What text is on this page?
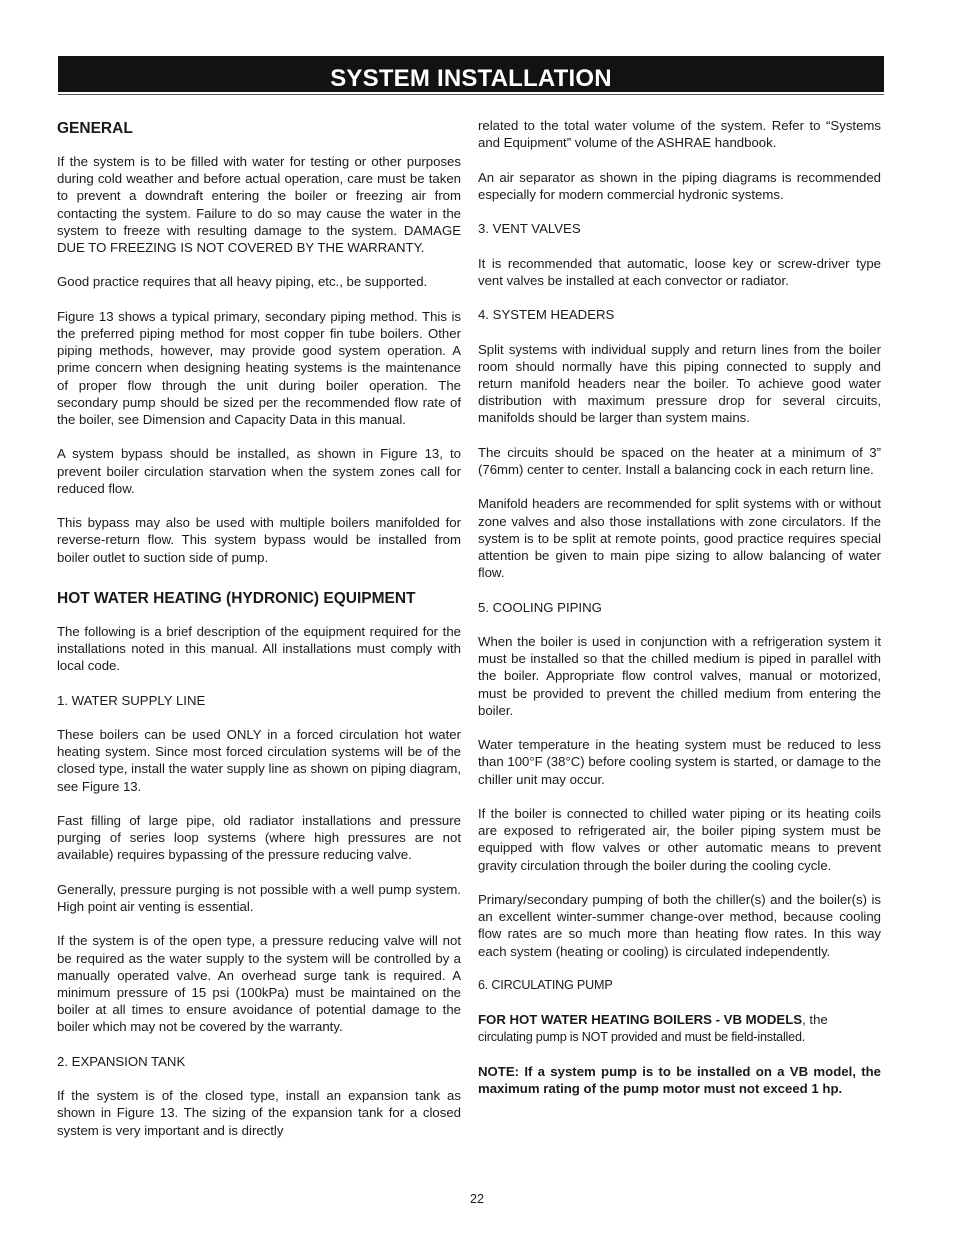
SYSTEM INSTALLATION
GENERAL

If the system is to be filled with water for testing or other purposes during cold weather and before actual operation, care must be taken to prevent a downdraft entering the boiler or freezing air from contacting the system. Failure to do so may cause the water in the system to freeze with resulting damage to the system. DAMAGE DUE TO FREEZING IS NOT COVERED BY THE WARRANTY.

Good practice requires that all heavy piping, etc., be supported.

Figure 13 shows a typical primary, secondary piping method. This is the preferred piping method for most copper fin tube boilers. Other piping methods, however, may provide good system operation. A prime concern when designing heating systems is the maintenance of proper flow through the unit during boiler operation. The secondary pump should be sized per the recommended flow rate of the boiler, see Dimension and Capacity Data in this manual.

A system bypass should be installed, as shown in Figure 13, to prevent boiler circulation starvation when the system zones call for reduced flow.

This bypass may also be used with multiple boilers manifolded for reverse-return flow. This system bypass would be installed from boiler outlet to suction side of pump.

HOT WATER HEATING (HYDRONIC) EQUIPMENT

The following is a brief description of the equipment required for the installations noted in this manual. All installations must comply with local code.

1. WATER SUPPLY LINE

These boilers can be used ONLY in a forced circulation hot water heating system. Since most forced circulation systems will be of the closed type, install the water supply line as shown on piping diagram, see Figure 13.

Fast filling of large pipe, old radiator installations and pressure purging of series loop systems (where high pressures are not available) requires bypassing of the pressure reducing valve.

Generally, pressure purging is not possible with a well pump system. High point air venting is essential.

If the system is of the open type, a pressure reducing valve will not be required as the water supply to the system will be controlled by a manually operated valve. An overhead surge tank is required. A minimum pressure of 15 psi (100kPa) must be maintained on the boiler at all times to ensure avoidance of potential damage to the boiler which may not be covered by the warranty.

2. EXPANSION TANK

If the system is of the closed type, install an expansion tank as shown in Figure 13. The sizing of the expansion tank for a closed system is very important and is directly

related to the total water volume of the system. Refer to “Systems and Equipment” volume of the ASHRAE handbook.

An air separator as shown in the piping diagrams is recommended especially for modern commercial hydronic systems.

3. VENT VALVES

It is recommended that automatic, loose key or screw-driver type vent valves be installed at each convector or radiator.

4. SYSTEM HEADERS

Split systems with individual supply and return lines from the boiler room should normally have this piping connected to supply and return manifold headers near the boiler. To achieve good water distribution with maximum pressure drop for several circuits, manifolds should be larger than system mains.

The circuits should be spaced on the heater at a minimum of 3” (76mm) center to center. Install a balancing cock in each return line.

Manifold headers are recommended for split systems with or without zone valves and also those installations with zone circulators. If the system is to be split at remote points, good practice requires special attention be given to main pipe sizing to allow balancing of water flow.

5. COOLING PIPING

When the boiler is used in conjunction with a refrigeration system it must be installed so that the chilled medium is piped in parallel with the boiler. Appropriate flow control valves, manual or motorized, must be provided to prevent the chilled medium from entering the boiler.

Water temperature in the heating system must be reduced to less than 100°F (38°C) before cooling system is started, or damage to the chiller unit may occur.

If the boiler is connected to chilled water piping or its heating coils are exposed to refrigerated air, the boiler piping system must be equipped with flow valves or other automatic means to prevent gravity circulation through the boiler during the cooling cycle.

Primary/secondary pumping of both the chiller(s) and the boiler(s) is an excellent winter-summer change-over method, because cooling flow rates are so much more than heating flow rates. In this way each system (heating or cooling) is circulated independently.

6. CIRCULATING PUMP

FOR HOT WATER HEATING BOILERS - VB MODELS, the

circulating pump is NOT provided and must be field-installed.

NOTE: If a system pump is to be installed on a VB model, the maximum rating of the pump motor must not exceed 1 hp.

22
